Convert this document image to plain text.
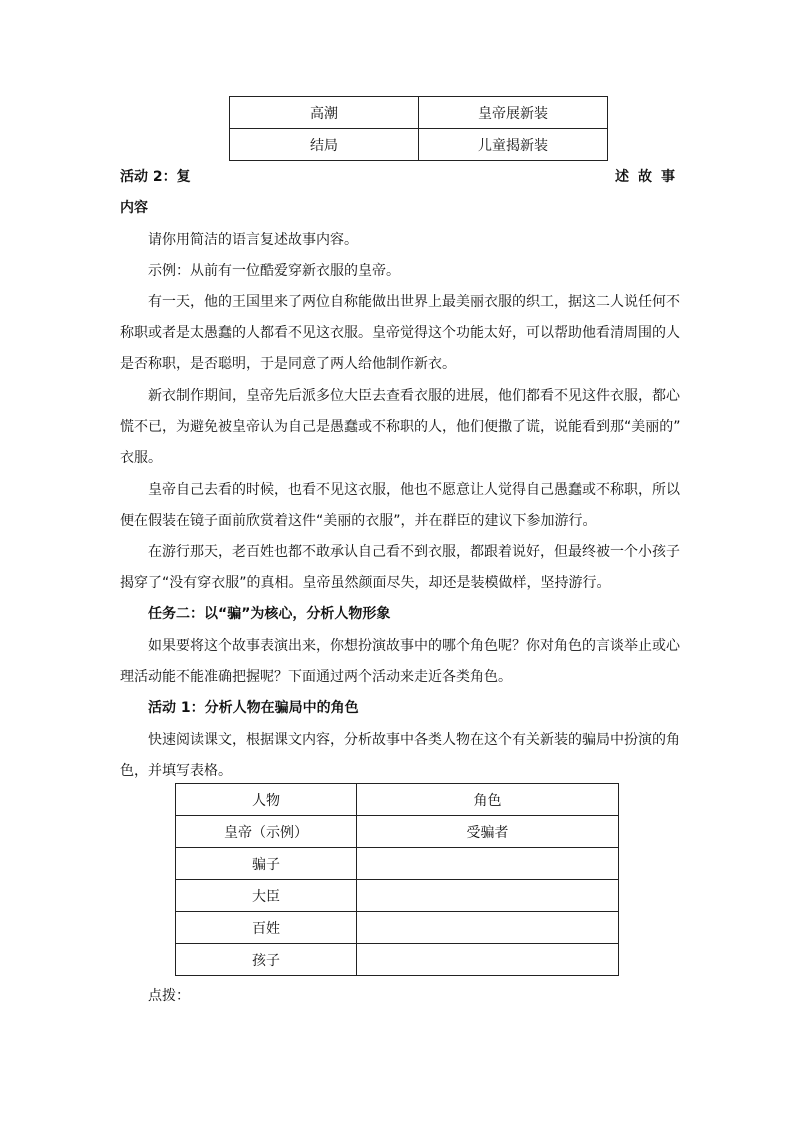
高潮	皇帝展新装
结局	儿童揭新装
活动 2：复	述 故 事
内容
请你用简洁的语言复述故事内容。
示例：从前有一位酷爱穿新衣服的皇帝。
有一天，他的王国里来了两位自称能做出世界上最美丽衣服的织工，据这二人说任何不
称职或者是太愚蠢的人都看不见这衣服。皇帝觉得这个功能太好，可以帮助他看清周围的人
是否称职，是否聪明，于是同意了两人给他制作新衣。
新衣制作期间，皇帝先后派多位大臣去查看衣服的进展，他们都看不见这件衣服，都心
慌不已，为避免被皇帝认为自己是愚蠢或不称职的人，他们便撒了谎，说能看到那“美丽的”
衣服。
皇帝自己去看的时候，也看不见这衣服，他也不愿意让人觉得自己愚蠢或不称职，所以
便在假装在镜子面前欣赏着这件“美丽的衣服”，并在群臣的建议下参加游行。
在游行那天，老百姓也都不敢承认自己看不到衣服，都跟着说好，但最终被一个小孩子
揭穿了“没有穿衣服”的真相。皇帝虽然颜面尽失，却还是装模做样，坚持游行。
任务二：以“骗”为核心，分析人物形象
如果要将这个故事表演出来，你想扮演故事中的哪个角色呢？你对角色的言谈举止或心
理活动能不能准确把握呢？下面通过两个活动来走近各类角色。
活动 1：分析人物在骗局中的角色
快速阅读课文，根据课文内容，分析故事中各类人物在这个有关新装的骗局中扮演的角
色，并填写表格。
点拨：
人物	角色
皇帝（示例）	受骗者
骗子	
大臣	
百姓	
孩子	
